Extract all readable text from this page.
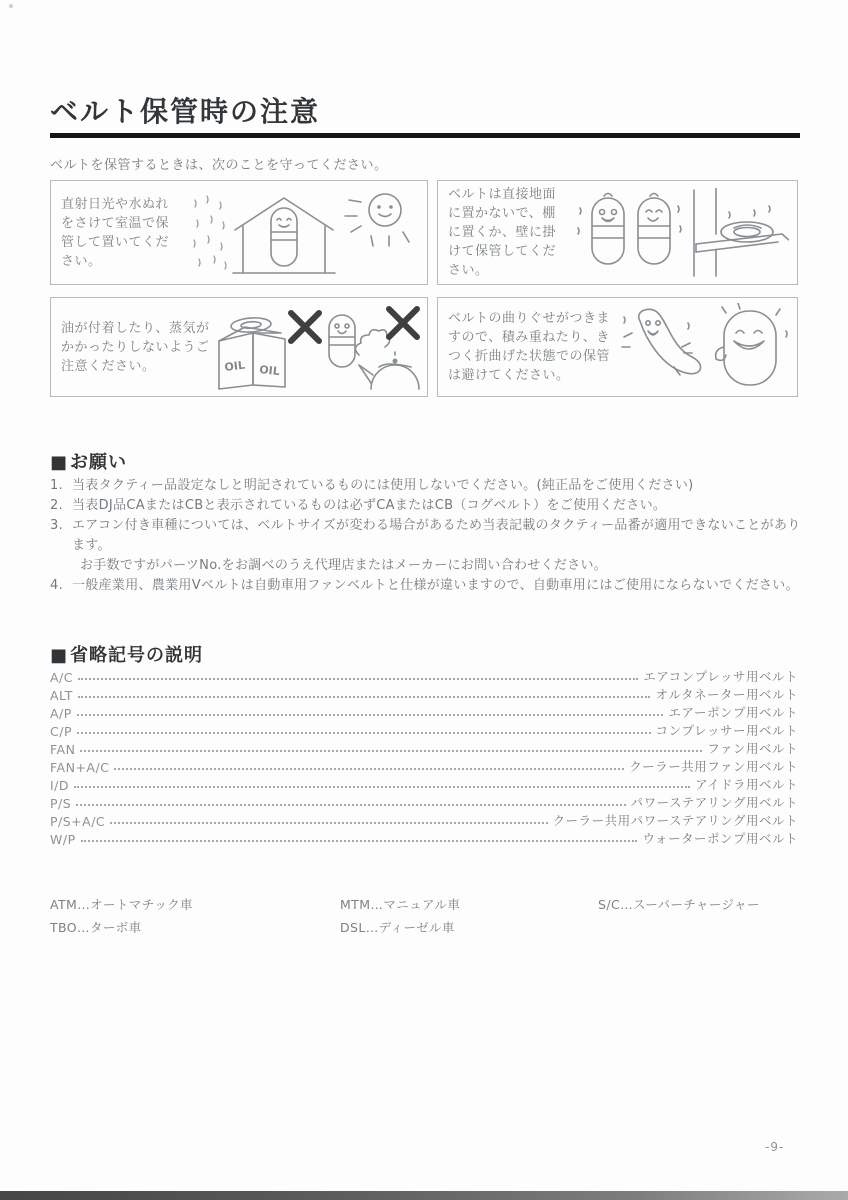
ベルト保管時の注意
ベルトを保管するときは、次のことを守ってください。
直射日光や水ぬれをさけて室温で保管して置いてください。
ベルトは直接地面に置かないで、棚に置くか、壁に掛けて保管してください。
油が付着したり、蒸気がかかったりしないようご注意ください。	OIL OIL
ベルトの曲りぐせがつきますので、積み重ねたり、きつく折曲げた状態での保管は避けてください。
■ お願い
1. 当表タクティー品設定なしと明記されているものには使用しないでください。(純正品をご使用ください)
2. 当表DJ品CAまたはCBと表示されているものは必ずCAまたはCB（コグベルト）をご使用ください。
3. エアコン付き車種については、ベルトサイズが変わる場合があるため当表記載のタクティー品番が適用できないことがあります。
お手数ですがパーツNo.をお調べのうえ代理店またはメーカーにお問い合わせください。
4. 一般産業用、農業用Vベルトは自動車用ファンベルトと仕様が違いますので、自動車用にはご使用にならないでください。
■ 省略記号の説明
A/C	エアコンプレッサ用ベルト
ALT	オルタネーター用ベルト
A/P	エアーポンプ用ベルト
C/P	コンプレッサー用ベルト
FAN	ファン用ベルト
FAN+A/C	クーラー共用ファン用ベルト
I/D	アイドラ用ベルト
P/S	パワーステアリング用ベルト
P/S+A/C	クーラー共用パワーステアリング用ベルト
W/P	ウォーターポンプ用ベルト
ATM…オートマチック車	MTM…マニュアル車	S/C…スーパーチャージャー
TBO…ターボ車	DSL…ディーゼル車
-9-
